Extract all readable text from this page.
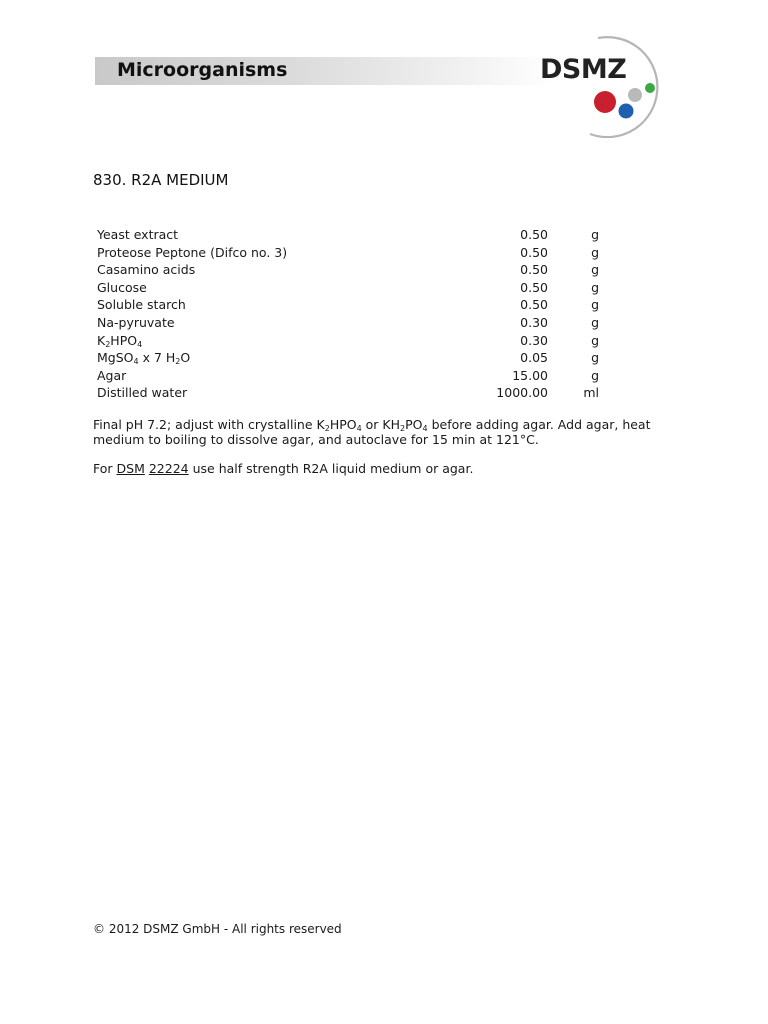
Microorganisms	DSMZ
830. R2A MEDIUM
Yeast extract	0.50	g
Proteose Peptone (Difco no. 3)	0.50	g
Casamino acids	0.50	g
Glucose	0.50	g
Soluble starch	0.50	g
Na-pyruvate	0.30	g
$K_2HPO_4$	0.30	g
MgSO$_4$ x 7 $H_2O$	0.05	g
Agar	15.00	g
Distilled water	1000.00	ml
Final pH 7.2; adjust with crystalline $K_2HPO_4$ or $KH_2PO_4$ before adding agar. Add agar, heat medium to boiling to dissolve agar, and autoclave for 15 min at 121°C.
For DSM 22224 use half strength R2A liquid medium or agar.
© 2012 DSMZ GmbH - All rights reserved
